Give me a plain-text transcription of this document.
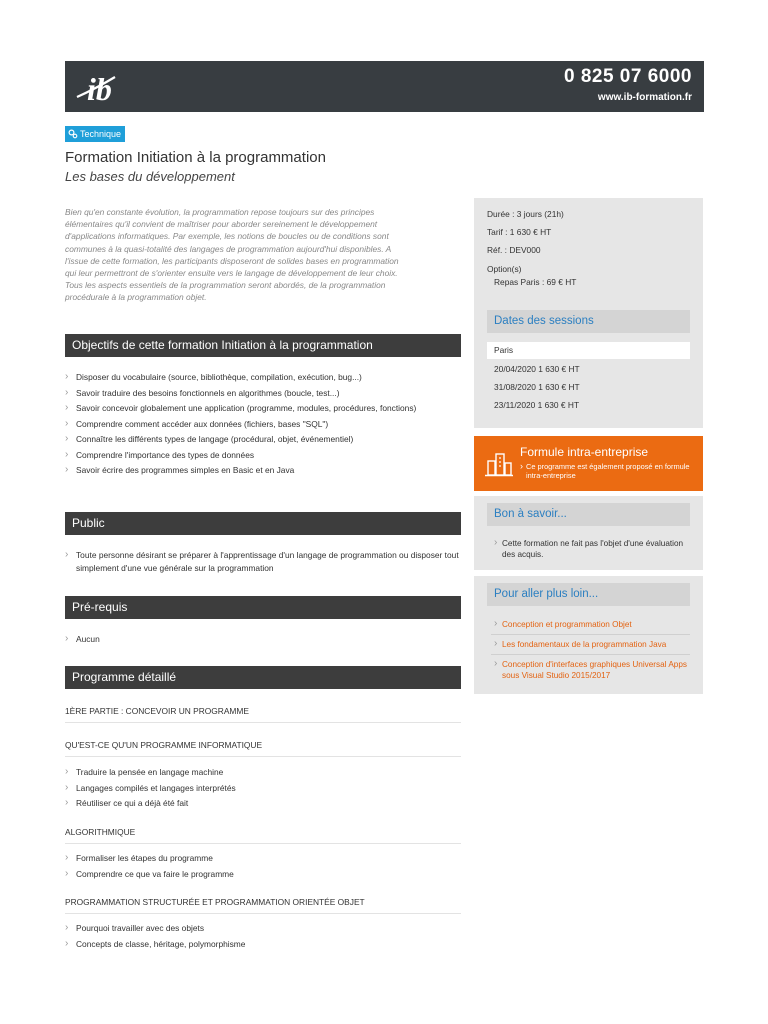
ib	0 825 07 6000
www.ib-formation.fr
Technique
Formation Initiation à la programmation
Les bases du développement
Bien qu'en constante évolution, la programmation repose toujours sur des principes
élémentaires qu'il convient de maîtriser pour aborder sereinement le développement
d'applications informatiques. Par exemple, les notions de boucles ou de conditions sont
communes à la quasi-totalité des langages de programmation aujourd'hui disponibles. A
l'issue de cette formation, les participants disposeront de solides bases en programmation
qui leur permettront de s'orienter ensuite vers le langage de développement de leur choix.
Tous les aspects essentiels de la programmation seront abordés, de la programmation
procédurale à la programmation objet.
Objectifs de cette formation Initiation à la programmation
› Disposer du vocabulaire (source, bibliothèque, compilation, exécution, bug...)
› Savoir traduire des besoins fonctionnels en algorithmes (boucle, test...)
› Savoir concevoir globalement une application (programme, modules, procédures, fonctions)
› Comprendre comment accéder aux données (fichiers, bases "SQL")
› Connaître les différents types de langage (procédural, objet, événementiel)
› Comprendre l'importance des types de données
› Savoir écrire des programmes simples en Basic et en Java
Public
› Toute personne désirant se préparer à l'apprentissage d'un langage de programmation ou disposer tout simplement d'une vue générale sur la programmation
Pré-requis
› Aucun
Programme détaillé
1ÈRE PARTIE : CONCEVOIR UN PROGRAMME
QU'EST-CE QU'UN PROGRAMME INFORMATIQUE
› Traduire la pensée en langage machine
› Langages compilés et langages interprétés
› Réutiliser ce qui a déjà été fait
ALGORITHMIQUE
› Formaliser les étapes du programme
› Comprendre ce que va faire le programme
PROGRAMMATION STRUCTURÉE ET PROGRAMMATION ORIENTÉE OBJET
› Pourquoi travailler avec des objets
› Concepts de classe, héritage, polymorphisme
Durée : 3 jours (21h)
Tarif : 1 630 € HT
Réf. : DEV000
Option(s)
Repas Paris : 69 € HT
Dates des sessions
Paris
20/04/2020 1 630 € HT
31/08/2020 1 630 € HT
23/11/2020 1 630 € HT
Formule intra-entreprise
› Ce programme est également proposé en formule intra-entreprise
Bon à savoir...
› Cette formation ne fait pas l'objet d'une évaluation des acquis.
Pour aller plus loin...
› Conception et programmation Objet
› Les fondamentaux de la programmation Java
› Conception d'interfaces graphiques Universal Apps sous Visual Studio 2015/2017
